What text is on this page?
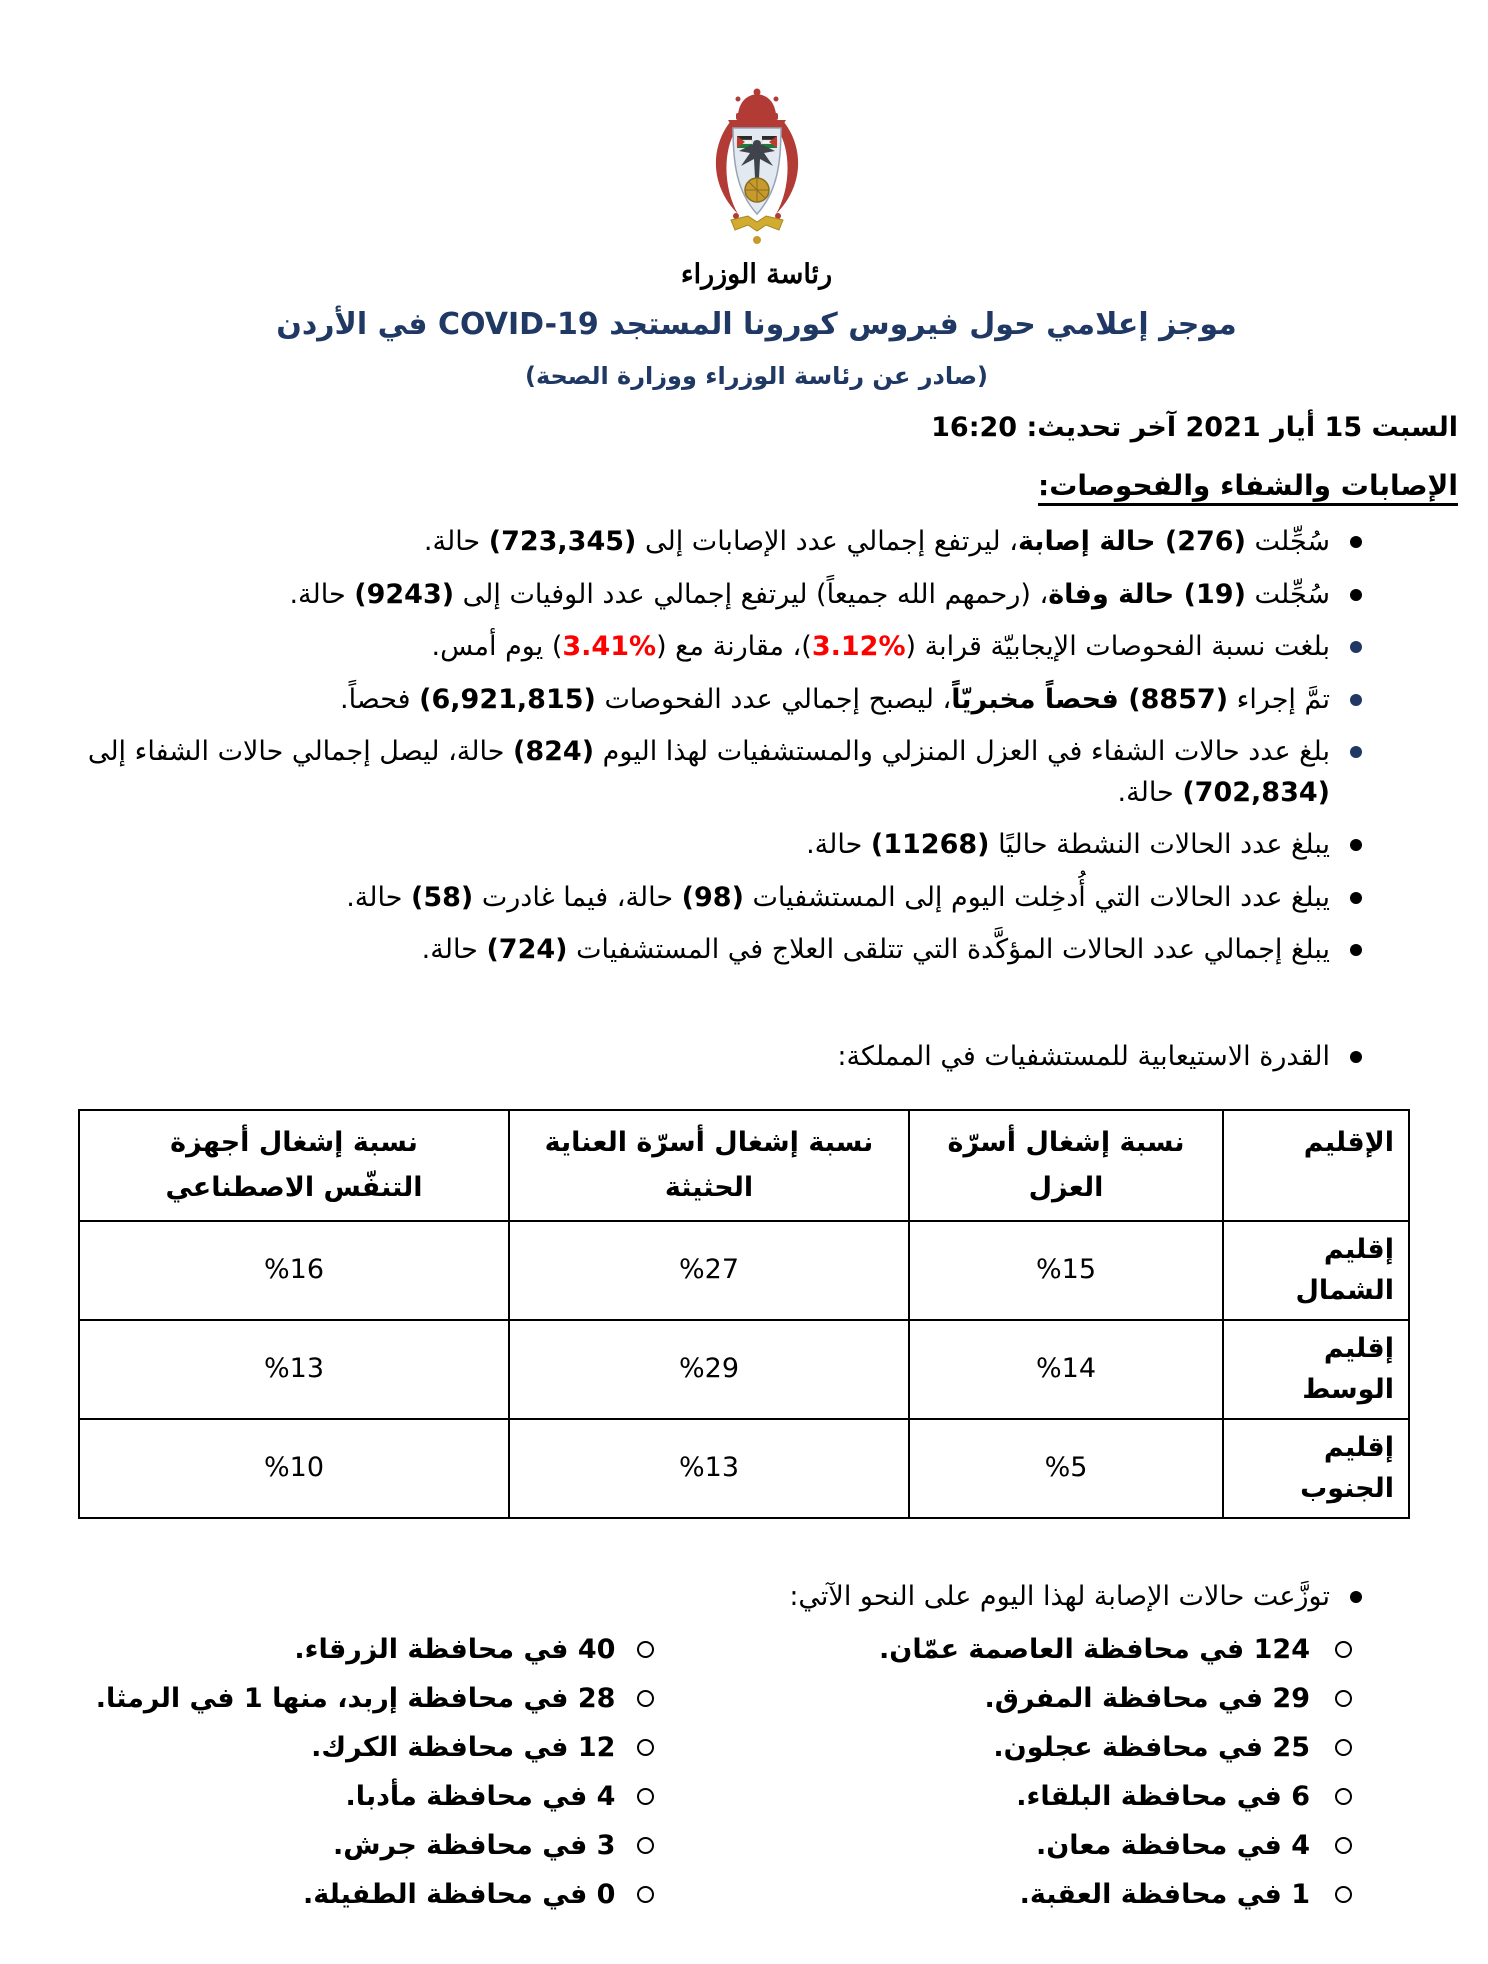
رئاسة الوزراء
موجز إعلامي حول فيروس كورونا المستجد COVID-19 في الأردن
(صادر عن رئاسة الوزراء ووزارة الصحة)
السبت 15 أيار 2021 آخر تحديث: 16:20
الإصابات والشفاء والفحوصات:
سُجِّلت (276) حالة إصابة، ليرتفع إجمالي عدد الإصابات إلى (723,345) حالة.
سُجِّلت (19) حالة وفاة، (رحمهم الله جميعاً) ليرتفع إجمالي عدد الوفيات إلى (9243) حالة.
بلغت نسبة الفحوصات الإيجابيّة قرابة (%3.12)، مقارنة مع (%3.41) يوم أمس.
تمَّ إجراء (8857) فحصاً مخبريّاً، ليصبح إجمالي عدد الفحوصات (6,921,815) فحصاً.
بلغ عدد حالات الشفاء في العزل المنزلي والمستشفيات لهذا اليوم (824) حالة، ليصل إجمالي حالات الشفاء إلى (702,834) حالة.
يبلغ عدد الحالات النشطة حاليًا (11268) حالة.
يبلغ عدد الحالات التي أُدخِلت اليوم إلى المستشفيات (98) حالة، فيما غادرت (58) حالة.
يبلغ إجمالي عدد الحالات المؤكَّدة التي تتلقى العلاج في المستشفيات (724) حالة.
القدرة الاستيعابية للمستشفيات في المملكة:
الإقليم	نسبة إشغال أسرّة العزل	نسبة إشغال أسرّة العناية الحثيثة	نسبة إشغال أجهزة التنفّس الاصطناعي
إقليم الشمال	%15	%27	%16
إقليم الوسط	%14	%29	%13
إقليم الجنوب	%5	%13	%10
توزَّعت حالات الإصابة لهذا اليوم على النحو الآتي:
124 في محافظة العاصمة عمّان.
40 في محافظة الزرقاء.
29 في محافظة المفرق.
28 في محافظة إربد، منها 1 في الرمثا.
25 في محافظة عجلون.
12 في محافظة الكرك.
6 في محافظة البلقاء.
4 في محافظة مأدبا.
4 في محافظة معان.
3 في محافظة جرش.
1 في محافظة العقبة.
0 في محافظة الطفيلة.
